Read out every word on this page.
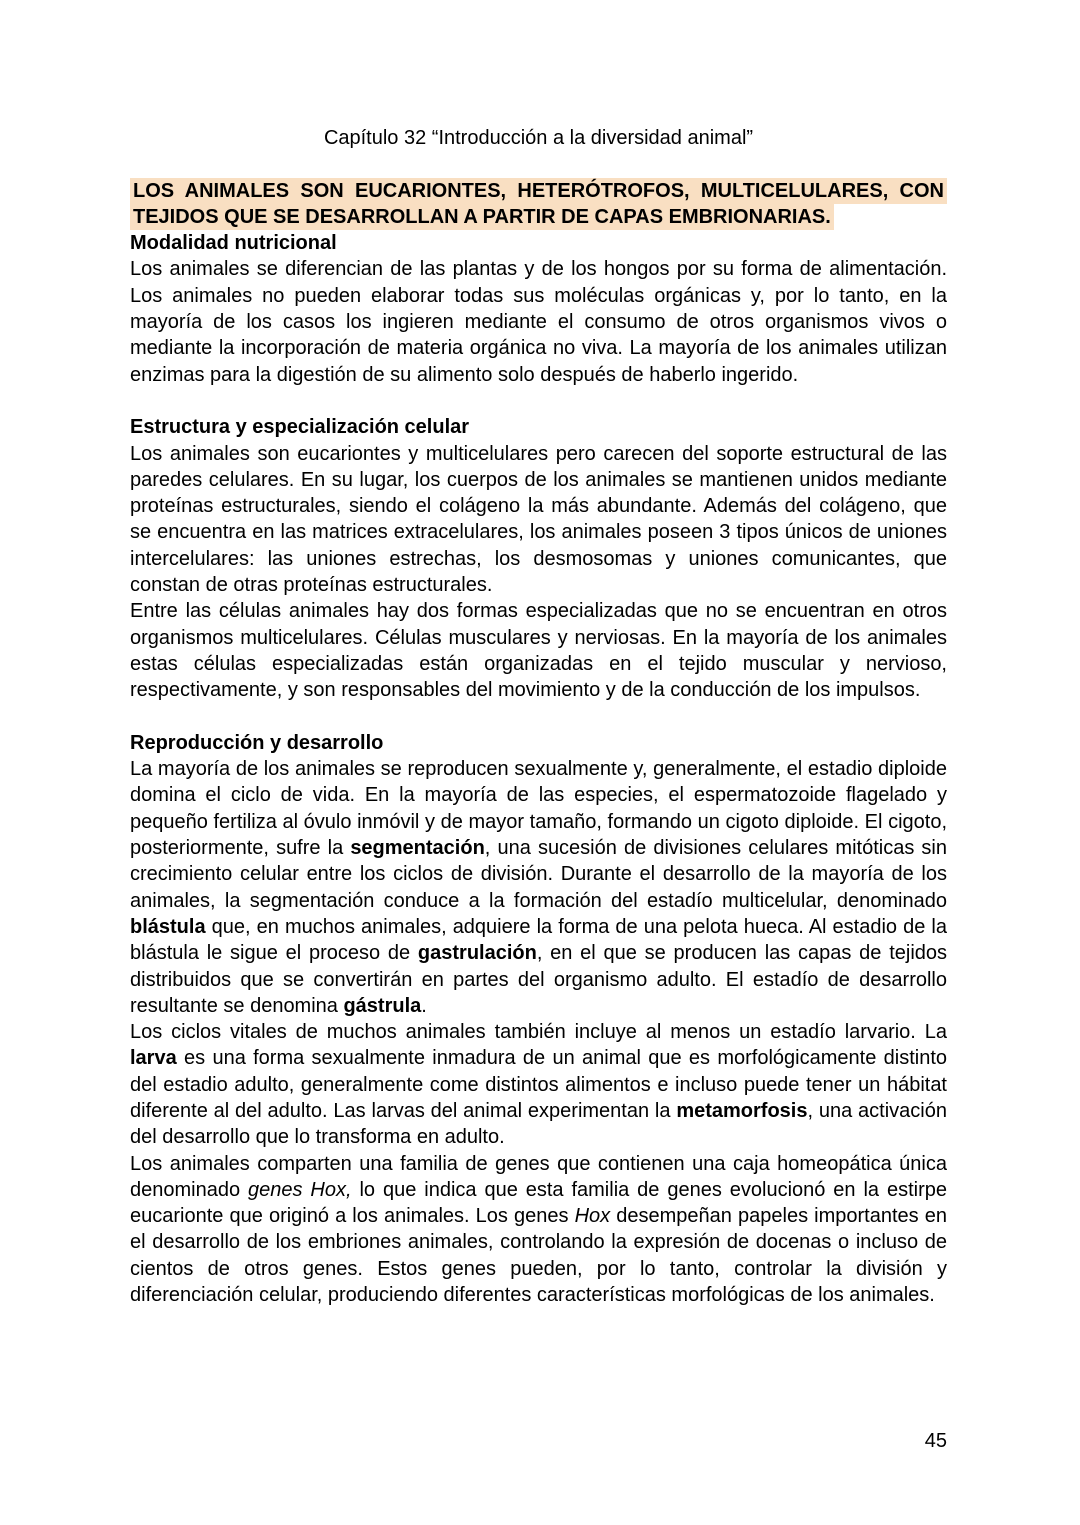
Capítulo 32 “Introducción a la diversidad animal”

LOS ANIMALES SON EUCARIONTES, HETERÓTROFOS, MULTICELULARES, CON TEJIDOS QUE SE DESARROLLAN A PARTIR DE CAPAS EMBRIONARIAS.

Modalidad nutricional

Los animales se diferencian de las plantas y de los hongos por su forma de alimentación. Los animales no pueden elaborar todas sus moléculas orgánicas y, por lo tanto, en la mayoría de los casos los ingieren mediante el consumo de otros organismos vivos o mediante la incorporación de materia orgánica no viva. La mayoría de los animales utilizan enzimas para la digestión de su alimento solo después de haberlo ingerido.

Estructura y especialización celular

Los animales son eucariontes y multicelulares pero carecen del soporte estructural de las paredes celulares. En su lugar, los cuerpos de los animales se mantienen unidos mediante proteínas estructurales, siendo el colágeno la más abundante. Además del colágeno, que se encuentra en las matrices extracelulares, los animales poseen 3 tipos únicos de uniones intercelulares: las uniones estrechas, los desmosomas y uniones comunicantes, que constan de otras proteínas estructurales.

Entre las células animales hay dos formas especializadas que no se encuentran en otros organismos multicelulares. Células musculares y nerviosas. En la mayoría de los animales estas células especializadas están organizadas en el tejido muscular y nervioso, respectivamente, y son responsables del movimiento y de la conducción de los impulsos.

Reproducción y desarrollo

La mayoría de los animales se reproducen sexualmente y, generalmente, el estadio diploide domina el ciclo de vida. En la mayoría de las especies, el espermatozoide flagelado y pequeño fertiliza al óvulo inmóvil y de mayor tamaño, formando un cigoto diploide. El cigoto, posteriormente, sufre la segmentación, una sucesión de divisiones celulares mitóticas sin crecimiento celular entre los ciclos de división. Durante el desarrollo de la mayoría de los animales, la segmentación conduce a la formación del estadío multicelular, denominado blástula que, en muchos animales, adquiere la forma de una pelota hueca. Al estadio de la blástula le sigue el proceso de gastrulación, en el que se producen las capas de tejidos distribuidos que se convertirán en partes del organismo adulto. El estadío de desarrollo resultante se denomina gástrula.

Los ciclos vitales de muchos animales también incluye al menos un estadío larvario. La larva es una forma sexualmente inmadura de un animal que es morfológicamente distinto del estadio adulto, generalmente come distintos alimentos e incluso puede tener un hábitat diferente al del adulto. Las larvas del animal experimentan la metamorfosis, una activación del desarrollo que lo transforma en adulto.

Los animales comparten una familia de genes que contienen una caja homeopática única denominado genes Hox, lo que indica que esta familia de genes evolucionó en la estirpe eucarionte que originó a los animales. Los genes Hox desempeñan papeles importantes en el desarrollo de los embriones animales, controlando la expresión de docenas o incluso de cientos de otros genes. Estos genes pueden, por lo tanto, controlar la división y diferenciación celular, produciendo diferentes características morfológicas de los animales.

45
